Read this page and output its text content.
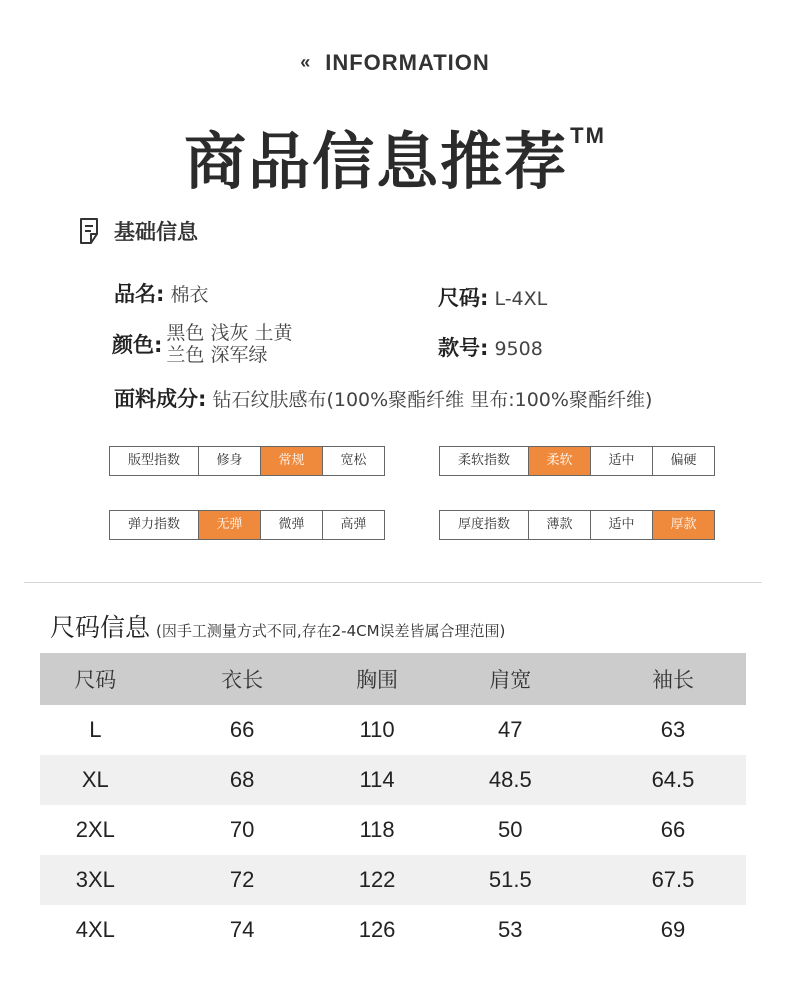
« INFORMATION
商品信息推荐™
基础信息
品名: 棉衣	尺码: L-4XL
颜色: 黑色 浅灰 土黄
兰色 深军绿	款号: 9508
面料成分: 钻石纹肤感布(100%聚酯纤维 里布:100%聚酯纤维)
版型指数	修身	常规	宽松	柔软指数	柔软	适中	偏硬
弹力指数	无弹	微弹	高弹	厚度指数	薄款	适中	厚款
尺码信息 (因手工测量方式不同,存在2-4CM误差皆属合理范围)
尺码	衣长	胸围	肩宽	袖长
L	66	110	47	63
XL	68	114	48.5	64.5
2XL	70	118	50	66
3XL	72	122	51.5	67.5
4XL	74	126	53	69
